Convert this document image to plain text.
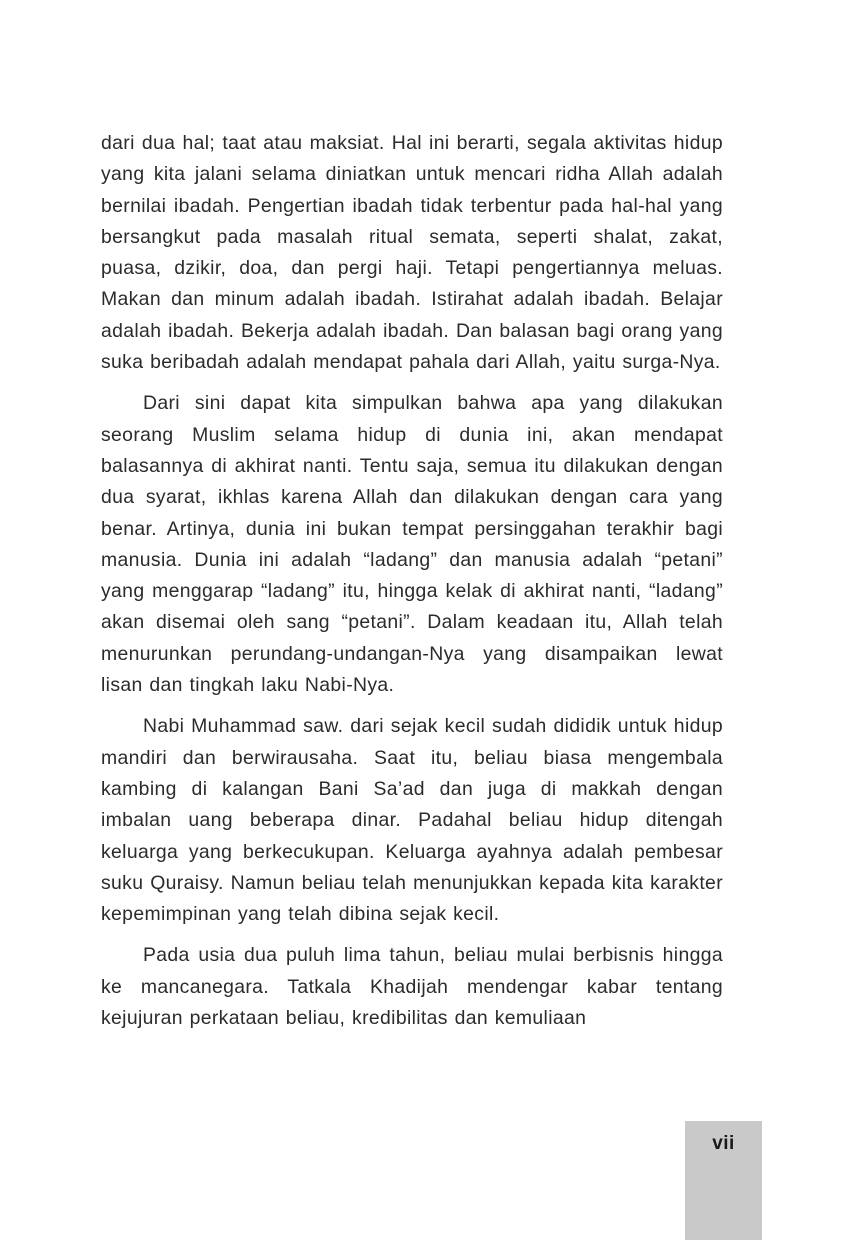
dari dua hal; taat atau maksiat. Hal ini berarti, segala aktivitas hidup yang kita jalani selama diniatkan untuk mencari ridha Allah adalah bernilai ibadah. Pengertian ibadah tidak terbentur pada hal-hal yang bersangkut pada masalah ritual semata, seperti shalat, zakat, puasa, dzikir, doa, dan pergi haji. Tetapi pengertiannya meluas. Makan dan minum adalah ibadah. Istirahat adalah ibadah. Belajar adalah ibadah. Bekerja adalah ibadah. Dan balasan bagi orang yang suka beribadah adalah mendapat pahala dari Allah, yaitu surga-Nya.

Dari sini dapat kita simpulkan bahwa apa yang dilakukan seorang Muslim selama hidup di dunia ini, akan mendapat balasannya di akhirat nanti. Tentu saja, semua itu dilakukan dengan dua syarat, ikhlas karena Allah dan dilakukan dengan cara yang benar. Artinya, dunia ini bukan tempat persinggahan terakhir bagi manusia. Dunia ini adalah “ladang” dan manusia adalah “petani” yang menggarap “ladang” itu, hingga kelak di akhirat nanti, “ladang” akan disemai oleh sang “petani”. Dalam keadaan itu, Allah telah menurunkan perundang-undangan-Nya yang disampaikan lewat lisan dan tingkah laku Nabi-Nya.

Nabi Muhammad saw. dari sejak kecil sudah dididik untuk hidup mandiri dan berwirausaha. Saat itu, beliau biasa mengembala kambing di kalangan Bani Sa’ad dan juga di makkah dengan imbalan uang beberapa dinar. Padahal beliau hidup ditengah keluarga yang berkecukupan. Keluarga ayahnya adalah pembesar suku Quraisy. Namun beliau telah menunjukkan kepada kita karakter kepemimpinan yang telah dibina sejak kecil.

Pada usia dua puluh lima tahun, beliau mulai berbisnis hingga ke mancanegara. Tatkala Khadijah mendengar kabar tentang kejujuran perkataan beliau, kredibilitas dan kemuliaan

vii
